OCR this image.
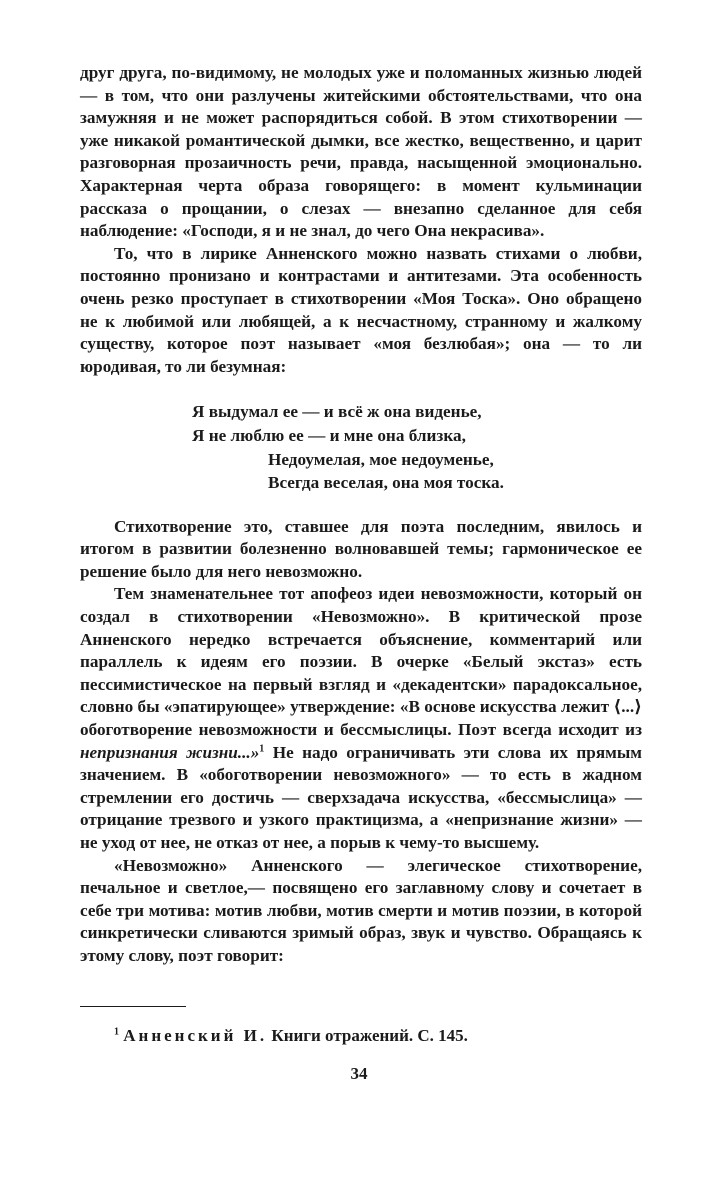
друг друга, по-видимому, не молодых уже и поломанных жизнью людей — в том, что они разлучены житейскими обстоятельствами, что она замужняя и не может распорядиться собой. В этом стихотворении — уже никакой романтической дымки, все жестко, вещественно, и царит разговорная прозаичность речи, правда, насыщенной эмоционально. Характерная черта образа говорящего: в момент кульминации рассказа о прощании, о слезах — внезапно сделанное для себя наблюдение: «Господи, я и не знал, до чего Она некрасива».

То, что в лирике Анненского можно назвать стихами о любви, постоянно пронизано и контрастами и антитезами. Эта особенность очень резко проступает в стихотворении «Моя Тоска». Оно обращено не к любимой или любящей, а к несчастному, странному и жалкому существу, которое поэт называет «моя безлюбая»; она — то ли юродивая, то ли безумная:

Я выдумал ее — и всё ж она виденье,
Я не люблю ее — и мне она близка,
Недоумелая, мое недоуменье,
Всегда веселая, она моя тоска.

Стихотворение это, ставшее для поэта последним, явилось и итогом в развитии болезненно волновавшей темы; гармоническое ее решение было для него невозможно.

Тем знаменательнее тот апофеоз идеи невозможности, который он создал в стихотворении «Невозможно». В критической прозе Анненского нередко встречается объяснение, комментарий или параллель к идеям его поэзии. В очерке «Белый экстаз» есть пессимистическое на первый взгляд и «декадентски» парадоксальное, словно бы «эпатирующее» утверждение: «В основе искусства лежит ⟨...⟩ обоготворение невозможности и бессмыслицы. Поэт всегда исходит из непризнания жизни...»$^1$ Не надо ограничивать эти слова их прямым значением. В «обоготворении невозможного» — то есть в жадном стремлении его достичь — сверхзадача искусства, «бессмыслица» — отрицание трезвого и узкого практицизма, а «непризнание жизни» — не уход от нее, не отказ от нее, а порыв к чему-то высшему.

«Невозможно» Анненского — элегическое стихотворение, печальное и светлое,— посвящено его заглавному слову и сочетает в себе три мотива: мотив любви, мотив смерти и мотив поэзии, в которой синкретически сливаются зримый образ, звук и чувство. Обращаясь к этому слову, поэт говорит:

$^1$ Анненский И. Книги отражений. С. 145.
34
